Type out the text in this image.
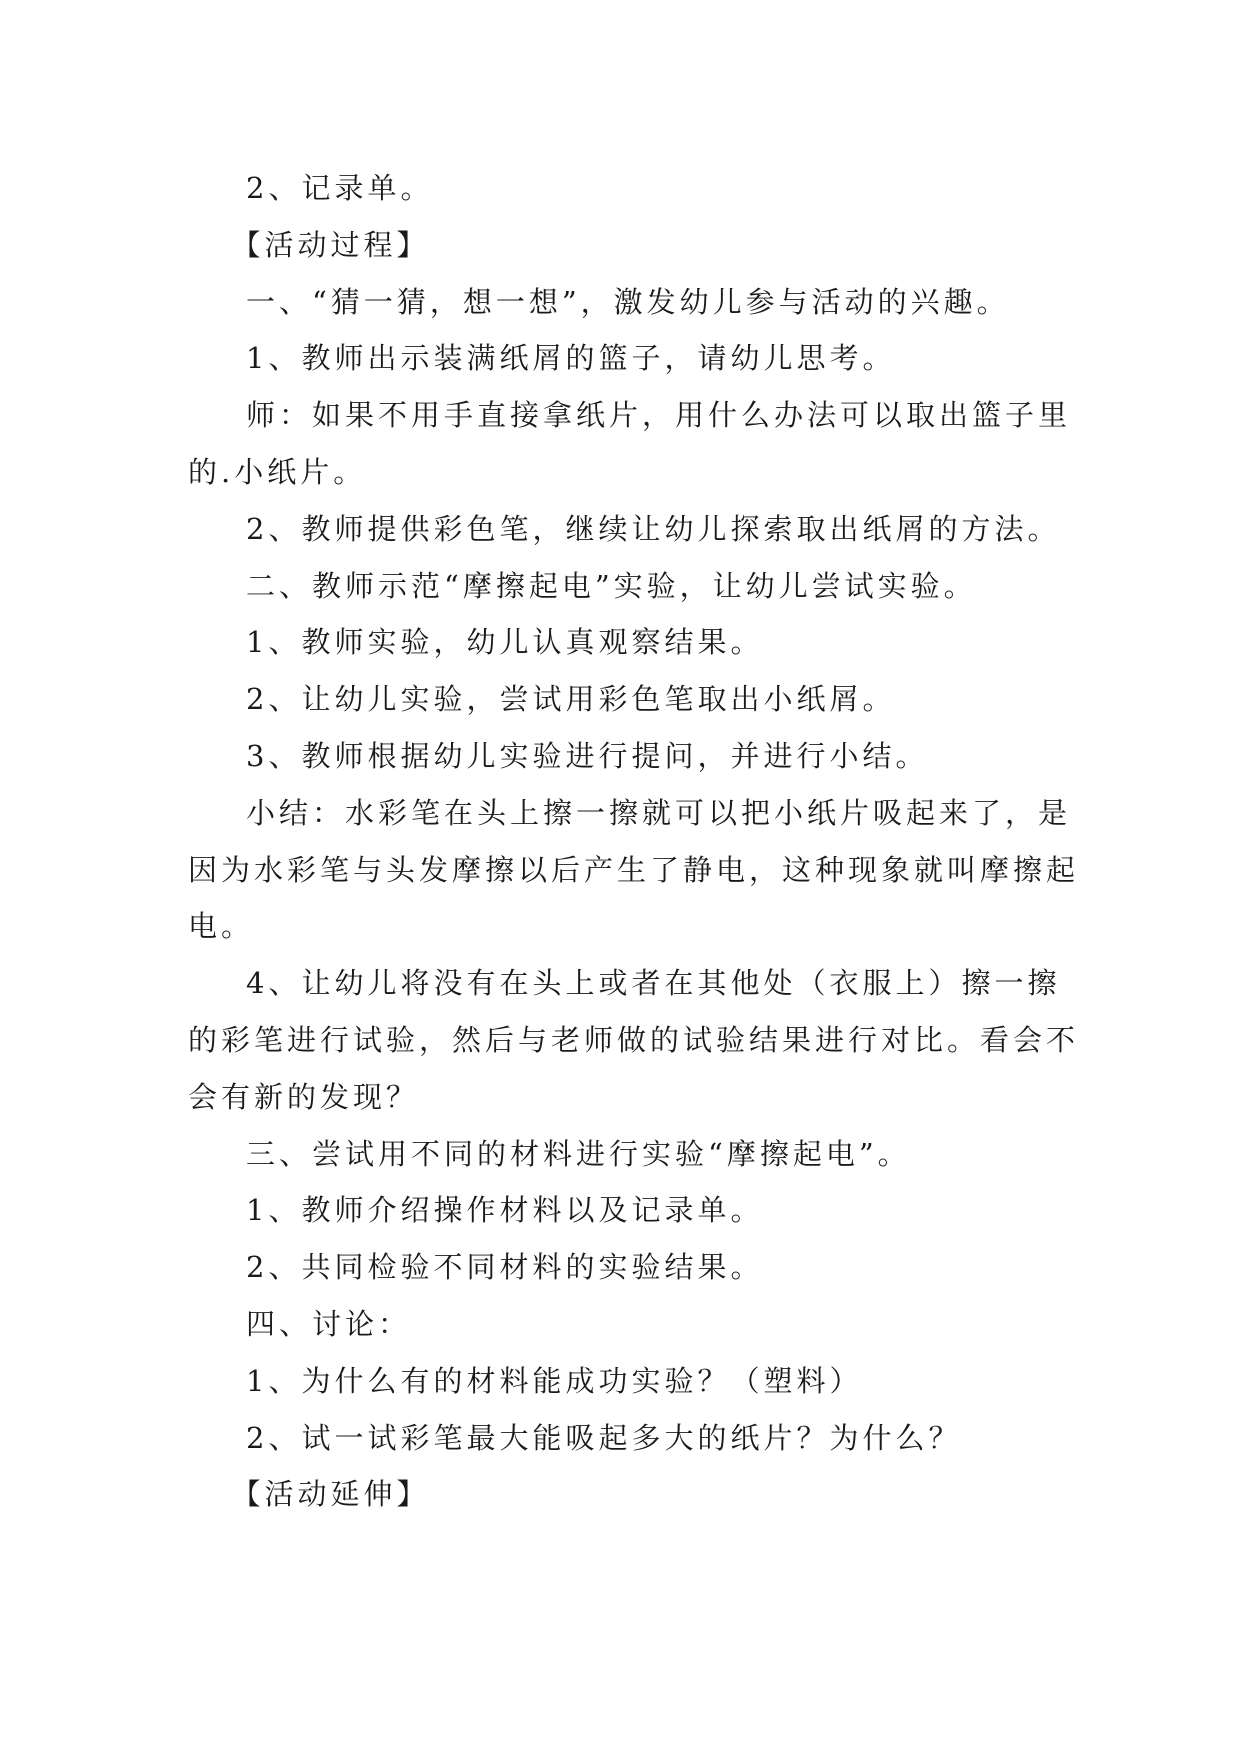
2、记录单。

【活动过程】

一、“猜一猜，想一想”，激发幼儿参与活动的兴趣。

1、教师出示装满纸屑的篮子，请幼儿思考。

师：如果不用手直接拿纸片，用什么办法可以取出篮子里的.小纸片。

2、教师提供彩色笔，继续让幼儿探索取出纸屑的方法。

二、教师示范“摩擦起电”实验，让幼儿尝试实验。

1、教师实验，幼儿认真观察结果。

2、让幼儿实验，尝试用彩色笔取出小纸屑。

3、教师根据幼儿实验进行提问，并进行小结。

小结：水彩笔在头上擦一擦就可以把小纸片吸起来了，是因为水彩笔与头发摩擦以后产生了静电，这种现象就叫摩擦起电。

4、让幼儿将没有在头上或者在其他处（衣服上）擦一擦的彩笔进行试验，然后与老师做的试验结果进行对比。看会不会有新的发现？

三、尝试用不同的材料进行实验“摩擦起电”。

1、教师介绍操作材料以及记录单。

2、共同检验不同材料的实验结果。

四、讨论：

1、为什么有的材料能成功实验？（塑料）

2、试一试彩笔最大能吸起多大的纸片？为什么？

【活动延伸】
